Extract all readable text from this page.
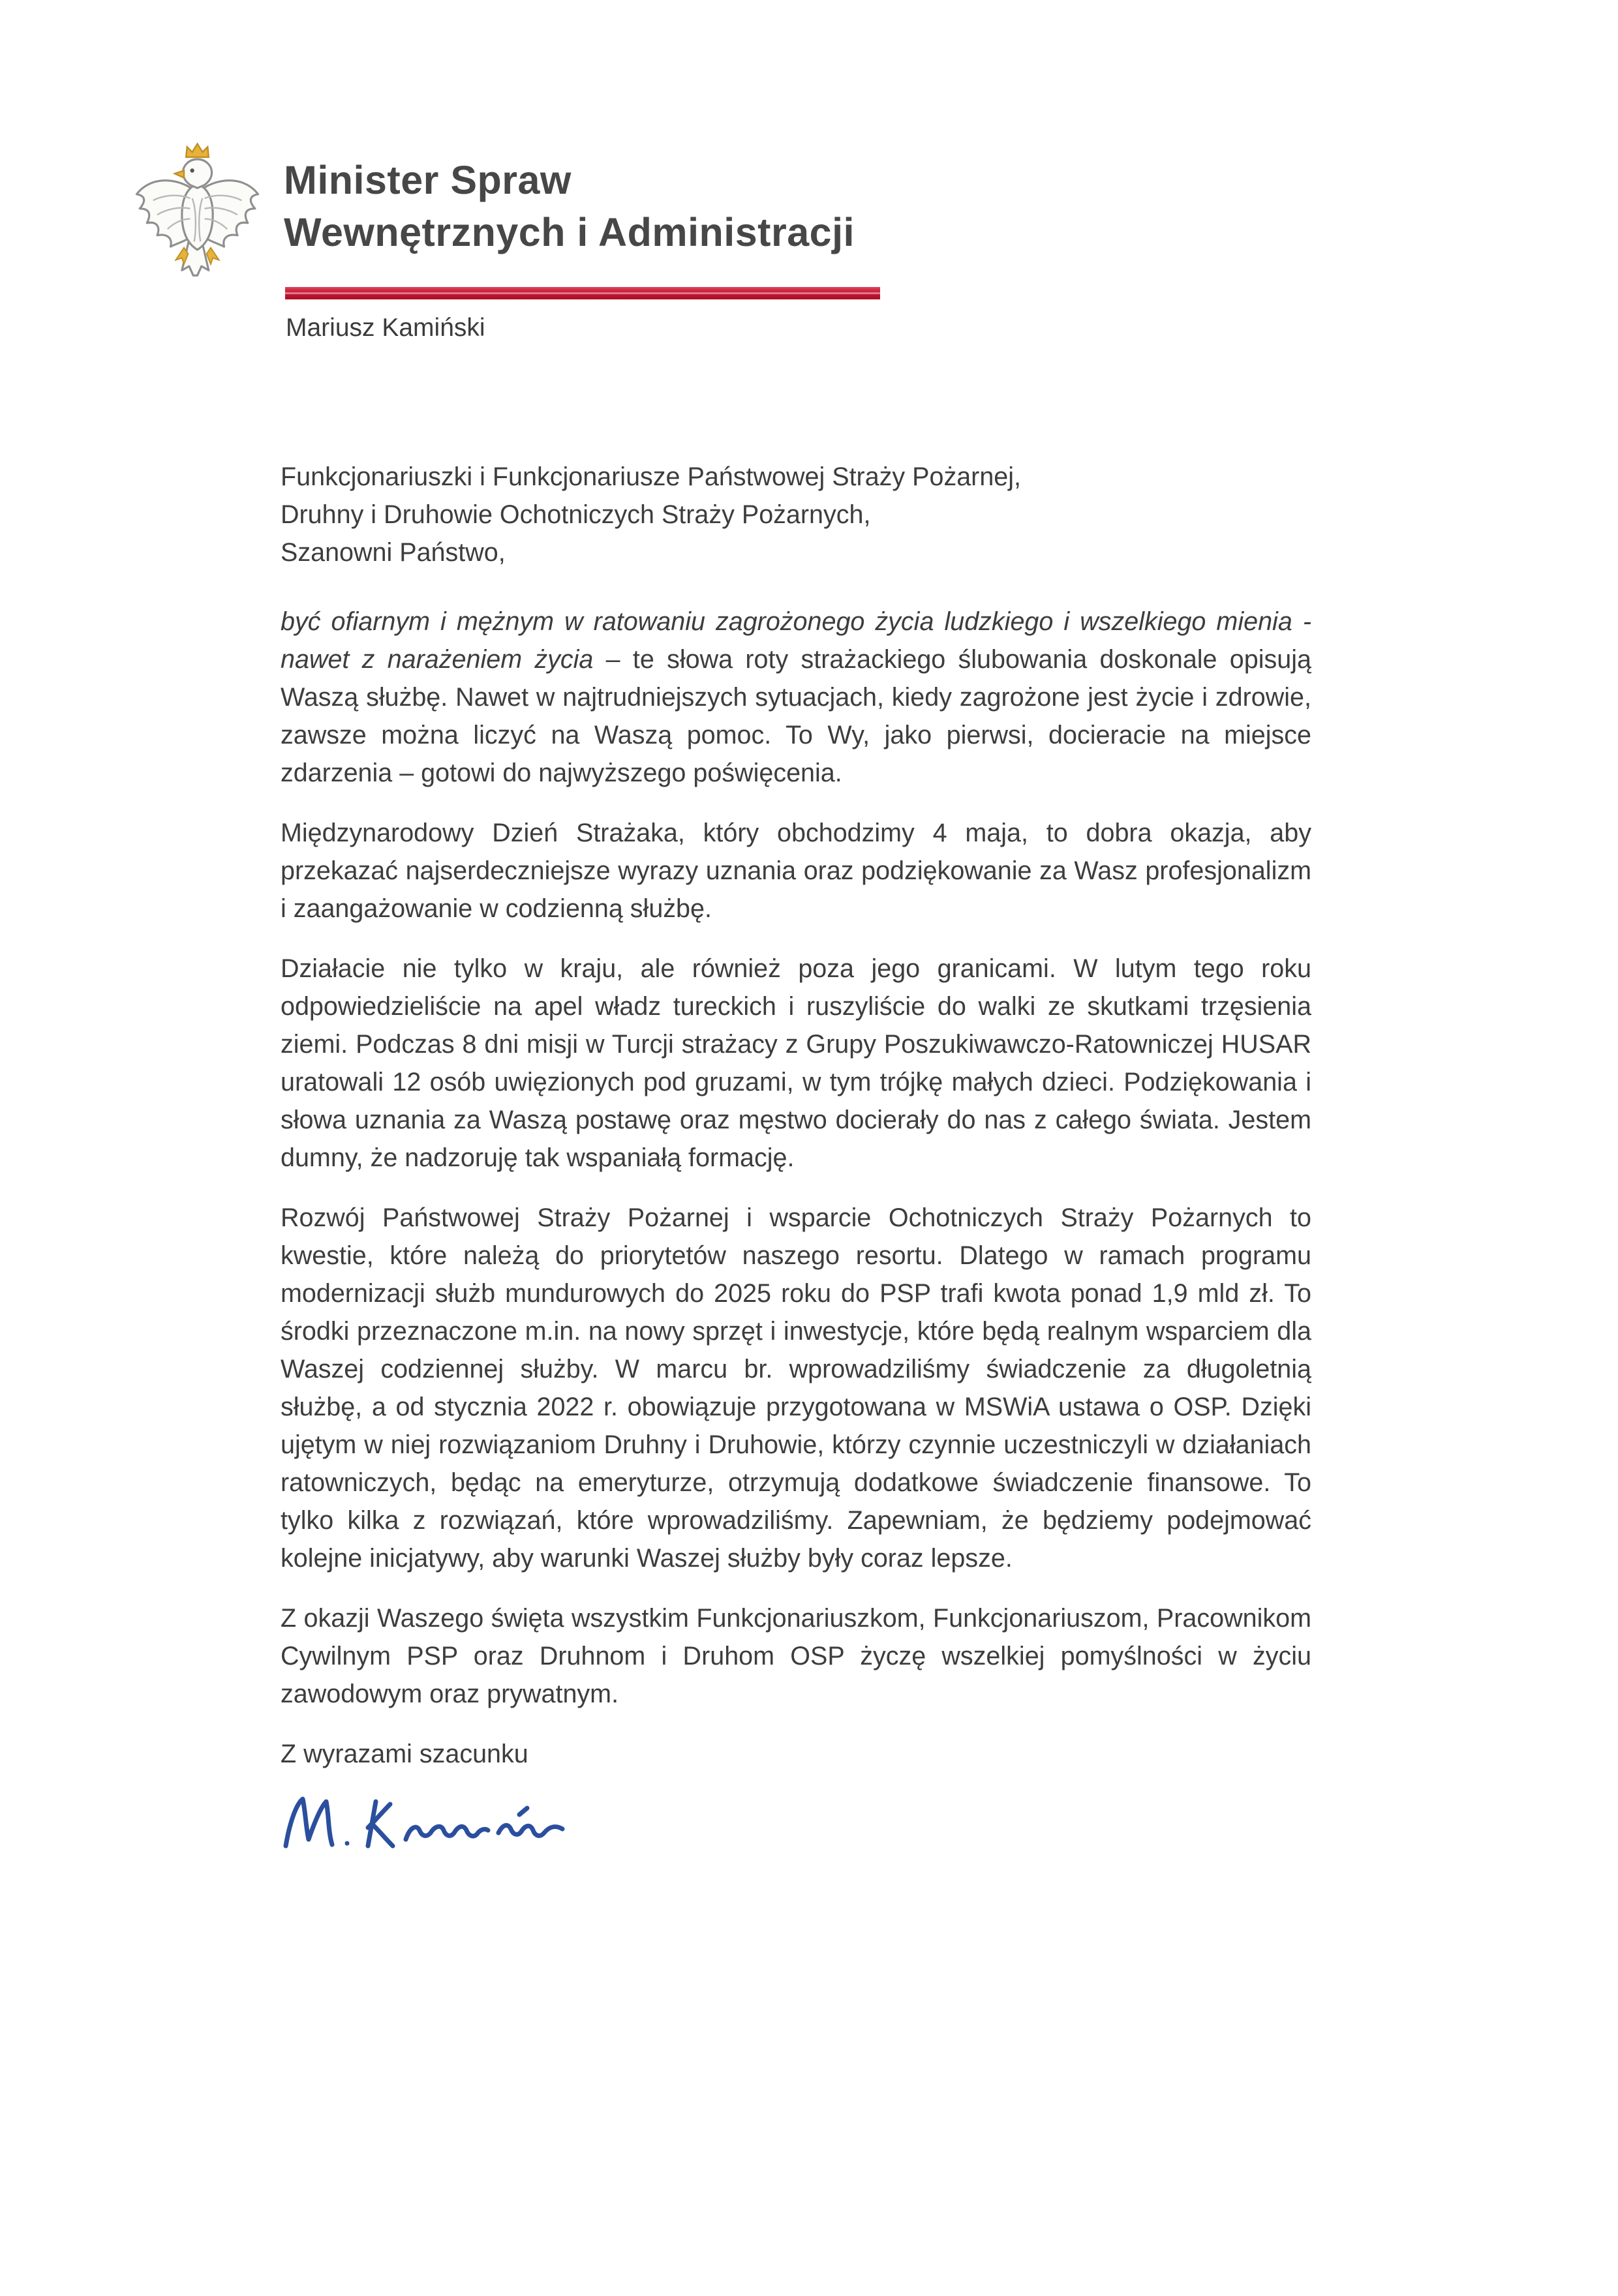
Minister Spraw
Wewnętrznych i Administracji
Mariusz Kamiński
Funkcjonariuszki i Funkcjonariusze Państwowej Straży Pożarnej,
Druhny i Druhowie Ochotniczych Straży Pożarnych,
Szanowni Państwo,

być ofiarnym i mężnym w ratowaniu zagrożonego życia ludzkiego i wszelkiego mienia - nawet z narażeniem życia – te słowa roty strażackiego ślubowania doskonale opisują Waszą służbę. Nawet w najtrudniejszych sytuacjach, kiedy zagrożone jest życie i zdrowie, zawsze można liczyć na Waszą pomoc. To Wy, jako pierwsi, docieracie na miejsce zdarzenia – gotowi do najwyższego poświęcenia.

Międzynarodowy Dzień Strażaka, który obchodzimy 4 maja, to dobra okazja, aby przekazać najserdeczniejsze wyrazy uznania oraz podziękowanie za Wasz profesjonalizm i zaangażowanie w codzienną służbę.

Działacie nie tylko w kraju, ale również poza jego granicami. W lutym tego roku odpowiedzieliście na apel władz tureckich i ruszyliście do walki ze skutkami trzęsienia ziemi. Podczas 8 dni misji w Turcji strażacy z Grupy Poszukiwawczo-Ratowniczej HUSAR uratowali 12 osób uwięzionych pod gruzami, w tym trójkę małych dzieci. Podziękowania i słowa uznania za Waszą postawę oraz męstwo docierały do nas z całego świata. Jestem dumny, że nadzoruję tak wspaniałą formację.

Rozwój Państwowej Straży Pożarnej i wsparcie Ochotniczych Straży Pożarnych to kwestie, które należą do priorytetów naszego resortu. Dlatego w ramach programu modernizacji służb mundurowych do 2025 roku do PSP trafi kwota ponad 1,9 mld zł. To środki przeznaczone m.in. na nowy sprzęt i inwestycje, które będą realnym wsparciem dla Waszej codziennej służby. W marcu br. wprowadziliśmy świadczenie za długoletnią służbę, a od stycznia 2022 r. obowiązuje przygotowana w MSWiA ustawa o OSP. Dzięki ujętym w niej rozwiązaniom Druhny i Druhowie, którzy czynnie uczestniczyli w działaniach ratowniczych, będąc na emeryturze, otrzymują dodatkowe świadczenie finansowe. To tylko kilka z rozwiązań, które wprowadziliśmy. Zapewniam, że będziemy podejmować kolejne inicjatywy, aby warunki Waszej służby były coraz lepsze.

Z okazji Waszego święta wszystkim Funkcjonariuszkom, Funkcjonariuszom, Pracownikom Cywilnym PSP oraz Druhnom i Druhom OSP życzę wszelkiej pomyślności w życiu zawodowym oraz prywatnym.

Z wyrazami szacunku
